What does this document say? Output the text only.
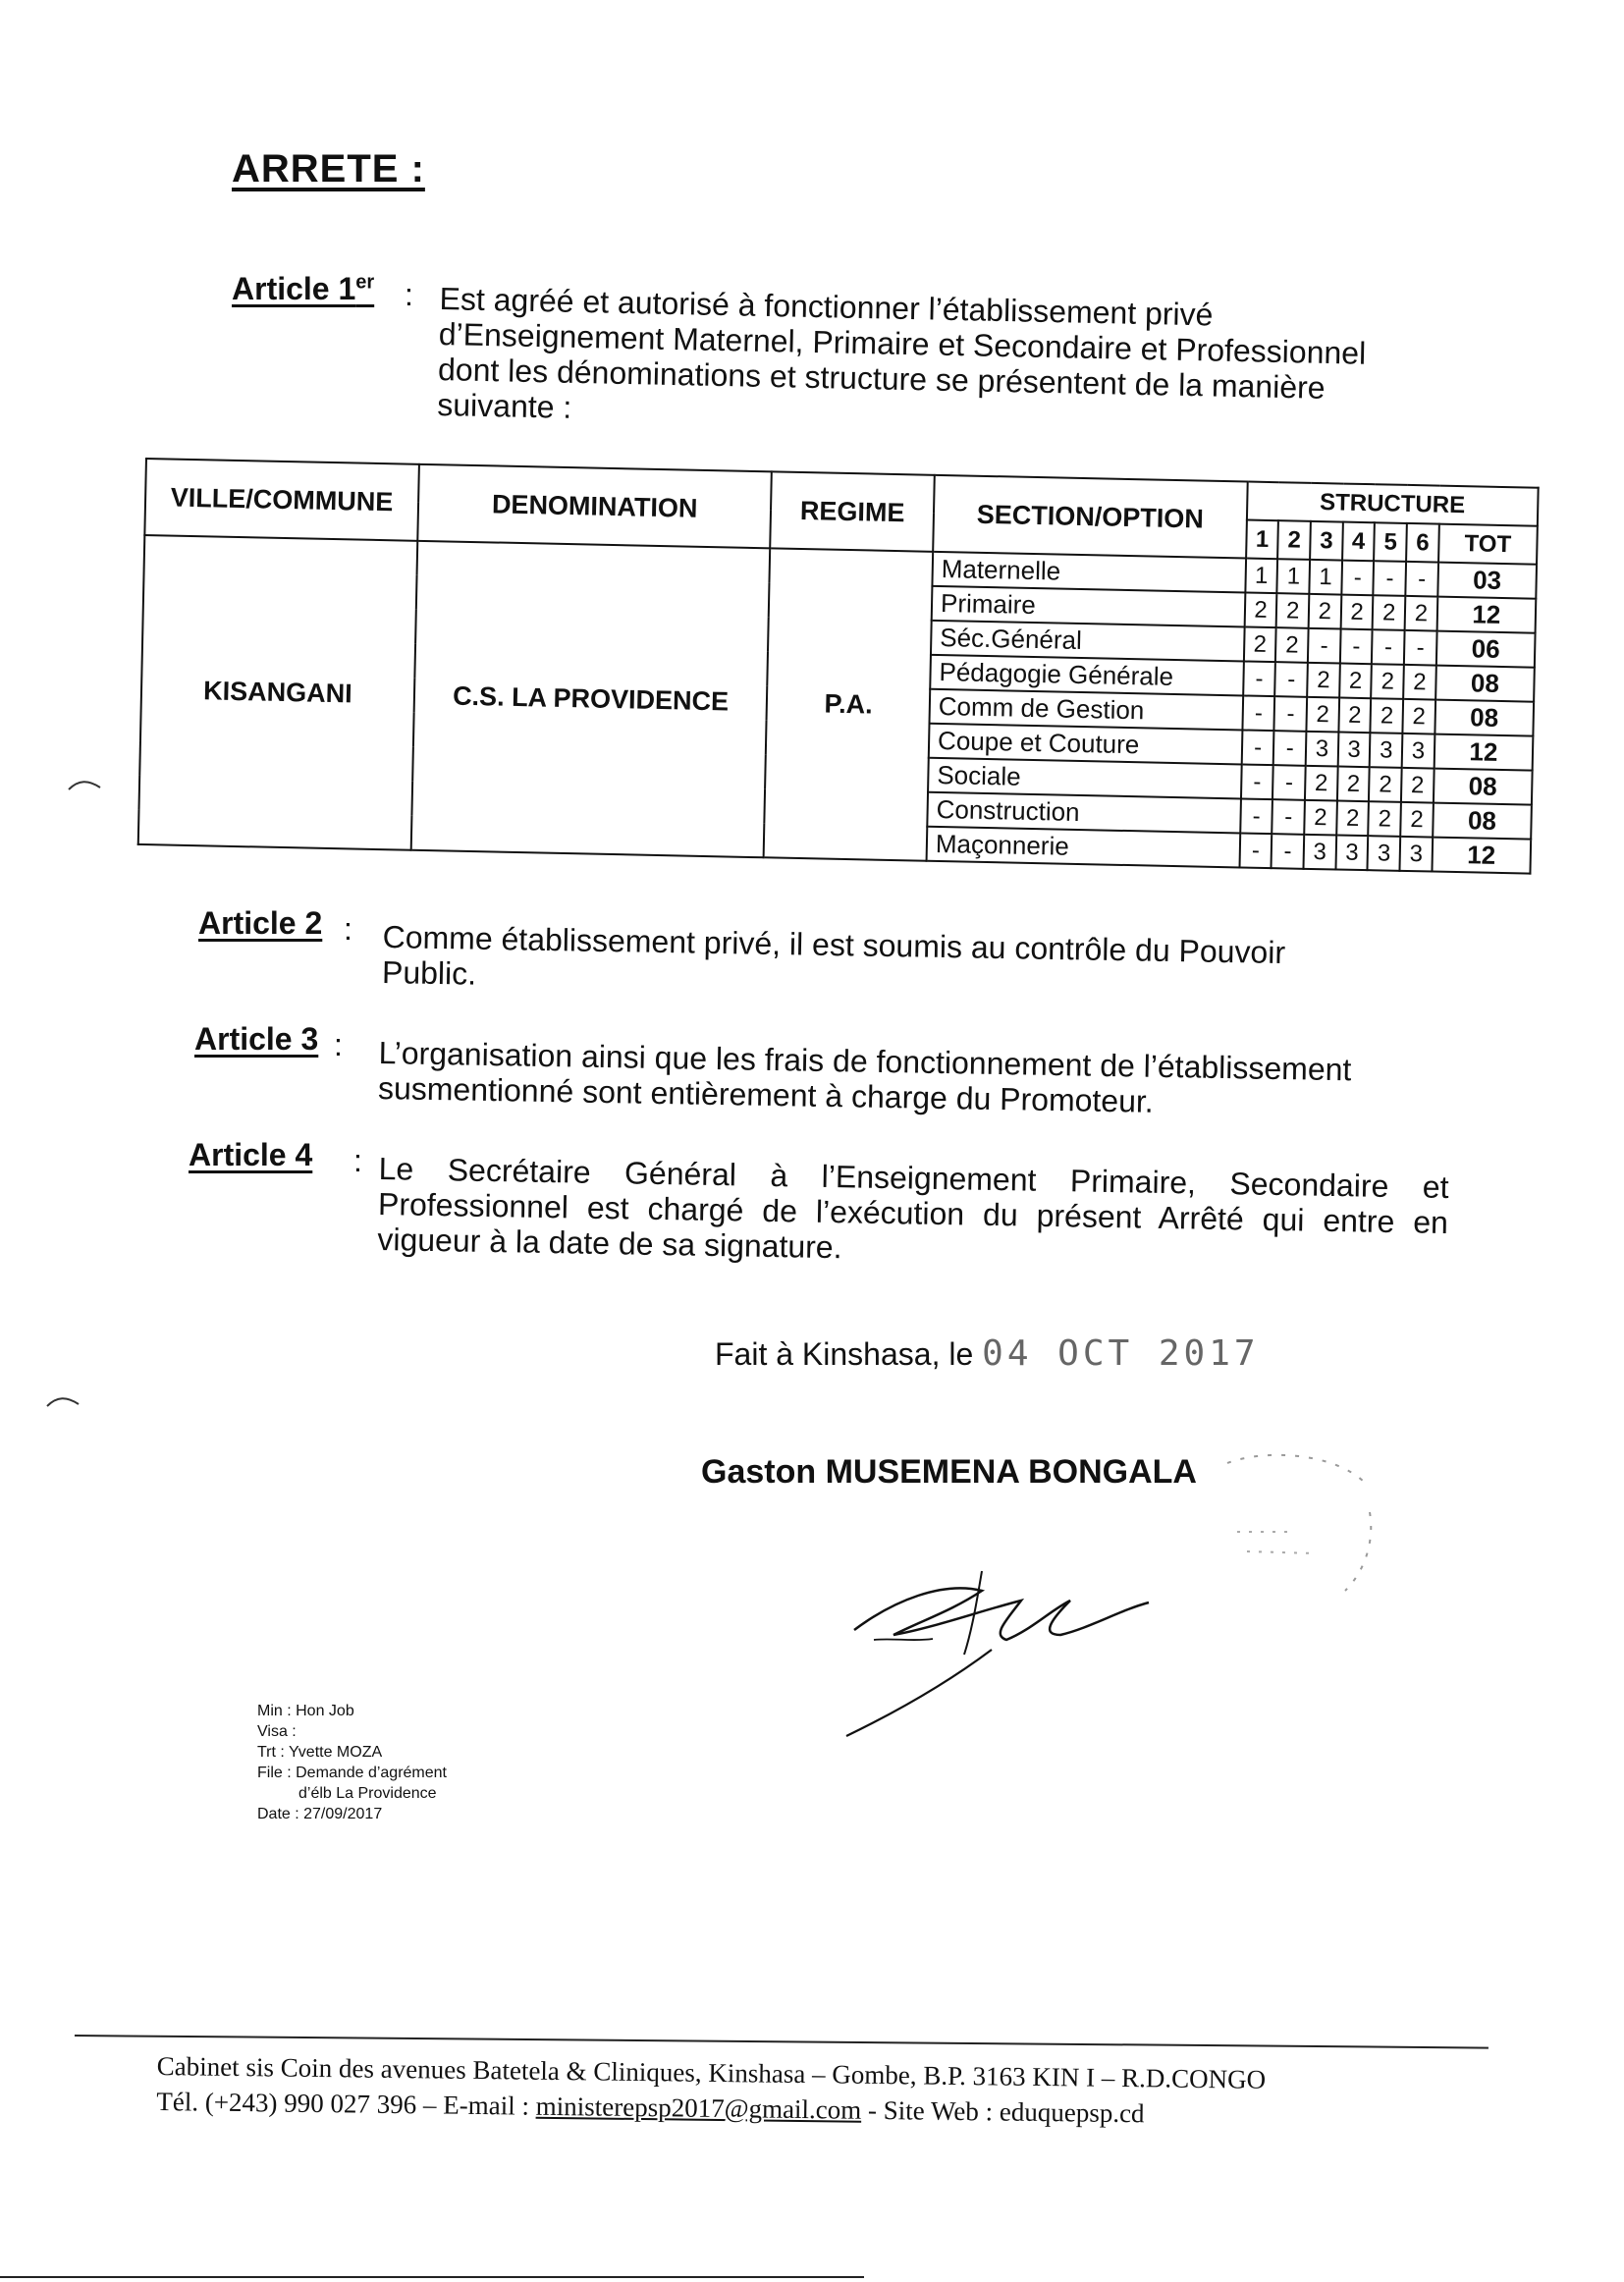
ARRETE :
Article 1er : Est agréé et autorisé à fonctionner l’établissement privé d’Enseignement Maternel, Primaire et Secondaire et Professionnel dont les dénominations et structure se présentent de la manière suivante :
VILLE/COMMUNE	DENOMINATION	REGIME	SECTION/OPTION	STRUCTURE						
				1	2	3	4	5	6	TOT
KISANGANI	C.S. LA PROVIDENCE	P.A.	Maternelle	1	1	1	-	-	-	03
			Primaire	2	2	2	2	2	2	12
			Séc.Général	2	2	-	-	-	-	06
			Pédagogie Générale	-	-	2	2	2	2	08
			Comm de Gestion	-	-	2	2	2	2	08
			Coupe et Couture	-	-	3	3	3	3	12
			Sociale	-	-	2	2	2	2	08
			Construction	-	-	2	2	2	2	08
			Maçonnerie	-	-	3	3	3	3	12
Article 2 : Comme établissement privé, il est soumis au contrôle du Pouvoir Public.
Article 3 : L’organisation ainsi que les frais de fonctionnement de l’établissement susmentionné sont entièrement à charge du Promoteur.
Article 4 : Le Secrétaire Général à l’Enseignement Primaire, Secondaire et Professionnel est chargé de l’exécution du présent Arrêté qui entre en vigueur à la date de sa signature.
Fait à Kinshasa, le 04 OCT 2017
Gaston MUSEMENA BONGALA
Min : Hon Job
Visa :
Trt : Yvette MOZA
File : Demande d’agrément
d’élb La Providence
Date : 27/09/2017
Cabinet sis Coin des avenues Batetela & Cliniques, Kinshasa – Gombe, B.P. 3163 KIN I – R.D.CONGO
Tél. (+243) 990 027 396 – E-mail : ministerepsp2017@gmail.com - Site Web : eduquepsp.cd
